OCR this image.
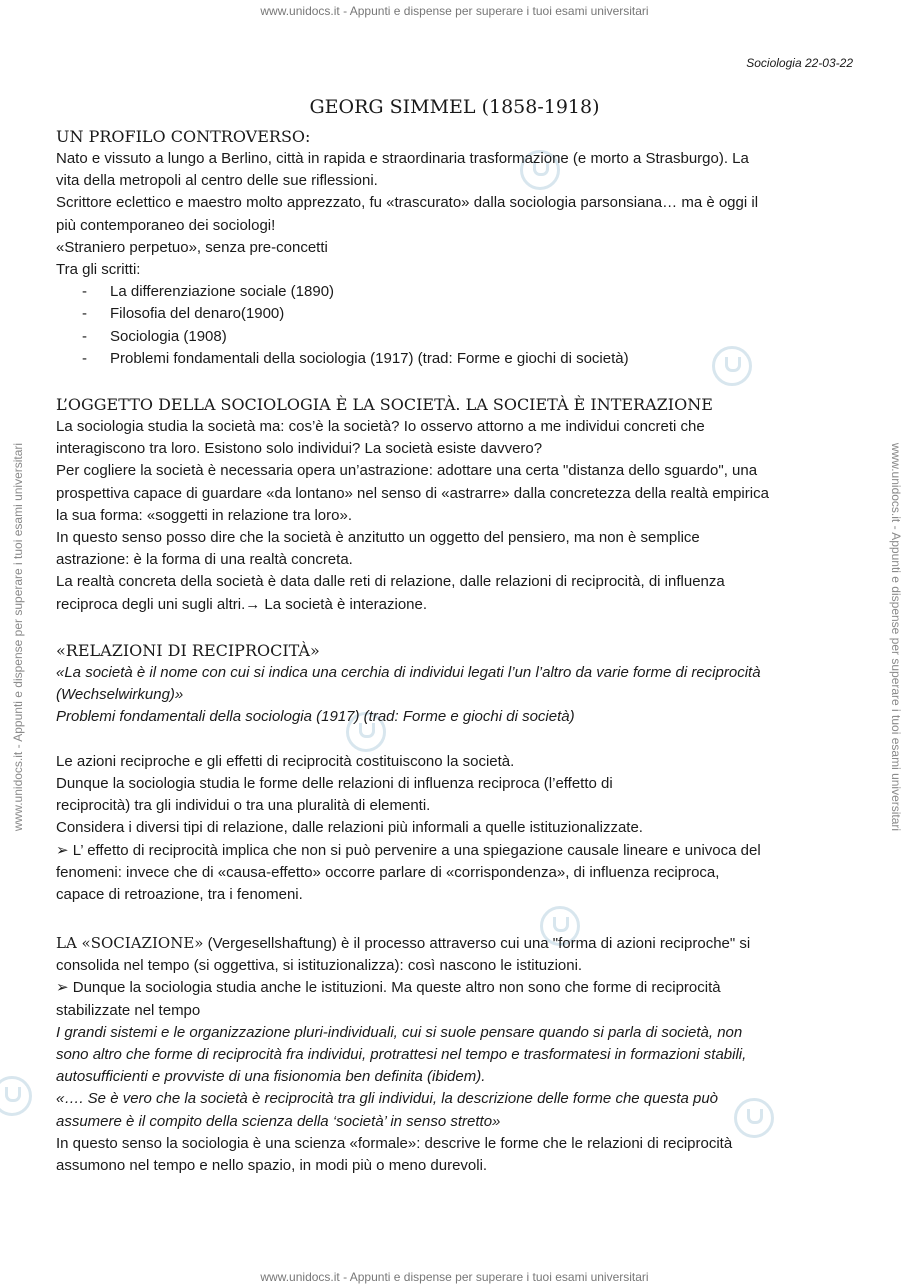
www.unidocs.it - Appunti e dispense per superare i tuoi esami universitari
www.unidocs.it - Appunti e dispense per superare i tuoi esami universitari
www.unidocs.it - Appunti e dispense per superare i tuoi esami universitari	www.unidocs.it - Appunti e dispense per superare i tuoi esami universitari
Sociologia 22-03-22
GEORG SIMMEL (1858-1918)
UN PROFILO CONTROVERSO:

Nato e vissuto a lungo a Berlino, città in rapida e straordinaria trasformazione (e morto a Strasburgo). La

vita della metropoli al centro delle sue riflessioni.

Scrittore eclettico e maestro molto apprezzato, fu «trascurato» dalla sociologia parsonsiana… ma è oggi il

più contemporaneo dei sociologi!

«Straniero perpetuo», senza pre-concetti

Tra gli scritti:

- La differenziazione sociale (1890)
- Filosofia del denaro(1900)
- Sociologia (1908)
- Problemi fondamentali della sociologia (1917) (trad: Forme e giochi di società)
L’OGGETTO DELLA SOCIOLOGIA È LA SOCIETÀ. LA SOCIETÀ È INTERAZIONE

La sociologia studia la società ma: cos’è la società? Io osservo attorno a me individui concreti che

interagiscono tra loro. Esistono solo individui? La società esiste davvero?

Per cogliere la società è necessaria opera un’astrazione: adottare una certa "distanza dello sguardo", una

prospettiva capace di guardare «da lontano» nel senso di «astrarre» dalla concretezza della realtà empirica

la sua forma: «soggetti in relazione tra loro».

In questo senso posso dire che la società è anzitutto un oggetto del pensiero, ma non è semplice

astrazione: è la forma di una realtà concreta.

La realtà concreta della società è data dalle reti di relazione, dalle relazioni di reciprocità, di influenza

reciproca degli uni sugli altri.→ La società è interazione.

«RELAZIONI DI RECIPROCITÀ»

«La società è il nome con cui si indica una cerchia di individui legati l’un l’altro da varie forme di reciprocità

(Wechselwirkung)»

Problemi fondamentali della sociologia (1917) (trad: Forme e giochi di società)

Le azioni reciproche e gli effetti di reciprocità costituiscono la società.

Dunque la sociologia studia le forme delle relazioni di influenza reciproca (l’effetto di

reciprocità) tra gli individui o tra una pluralità di elementi.

Considera i diversi tipi di relazione, dalle relazioni più informali a quelle istituzionalizzate.

➢ L’ effetto di reciprocità implica che non si può pervenire a una spiegazione causale lineare e univoca del

fenomeni: invece che di «causa-effetto» occorre parlare di «corrispondenza», di influenza reciproca,

capace di retroazione, tra i fenomeni.

LA «SOCIAZIONE» (Vergesellshaftung) è il processo attraverso cui una "forma di azioni reciproche" si

consolida nel tempo (si oggettiva, si istituzionalizza): così nascono le istituzioni.

➢ Dunque la sociologia studia anche le istituzioni. Ma queste altro non sono che forme di reciprocità

stabilizzate nel tempo

I grandi sistemi e le organizzazione pluri-individuali, cui si suole pensare quando si parla di società, non

sono altro che forme di reciprocità fra individui, protrattesi nel tempo e trasformatesi in formazioni stabili,

autosufficienti e provviste di una fisionomia ben definita (ibidem).

«…. Se è vero che la società è reciprocità tra gli individui, la descrizione delle forme che questa può

assumere è il compito della scienza della ‘società’ in senso stretto»

In questo senso la sociologia è una scienza «formale»: descrive le forme che le relazioni di reciprocità

assumono nel tempo e nello spazio, in modi più o meno durevoli.
